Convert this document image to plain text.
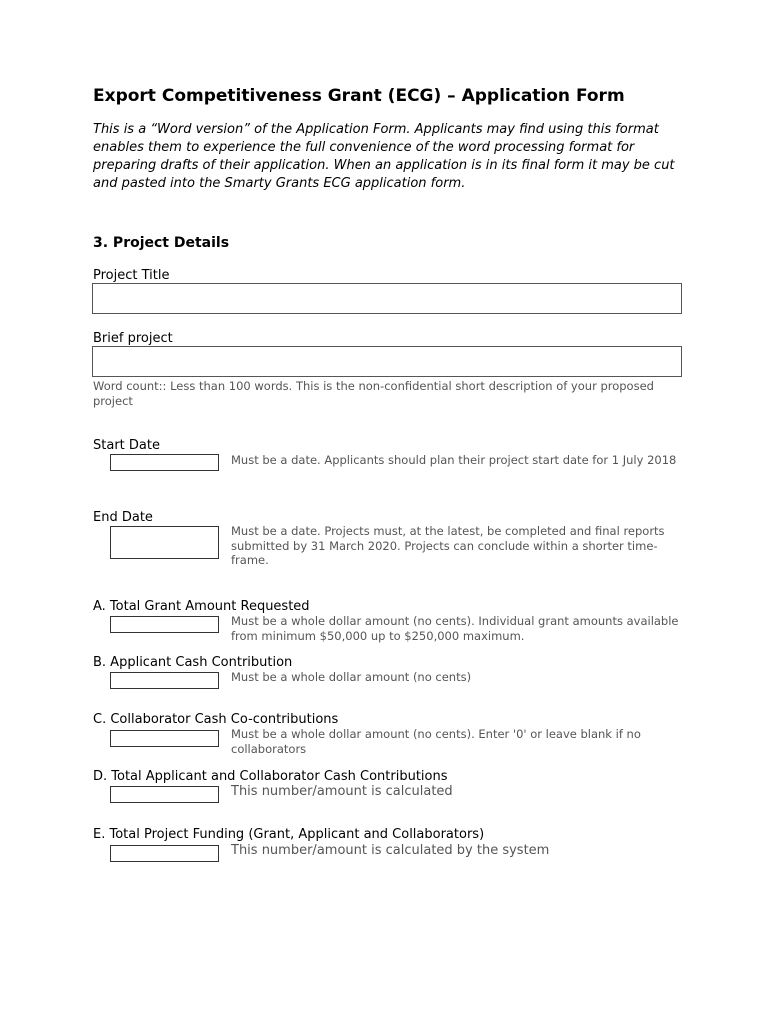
Export Competitiveness Grant (ECG) – Application Form

This is a “Word version” of the Application Form. Applicants may find using this format enables them to experience the full convenience of the word processing format for preparing drafts of their application. When an application is in its final form it may be cut and pasted into the Smarty Grants ECG application form.

3. Project Details
Project Title
Brief project
Word count:: Less than 100 words. This is the non-confidential short description of your proposed project
Start Date
Must be a date. Applicants should plan their project start date for 1 July 2018
End Date
Must be a date. Projects must, at the latest, be completed and final reports submitted by 31 March 2020. Projects can conclude within a shorter time-frame.
A. Total Grant Amount Requested
Must be a whole dollar amount (no cents). Individual grant amounts available from minimum $50,000 up to $250,000 maximum.
B. Applicant Cash Contribution
Must be a whole dollar amount (no cents)
C. Collaborator Cash Co-contributions
Must be a whole dollar amount (no cents). Enter '0' or leave blank if no collaborators
D. Total Applicant and Collaborator Cash Contributions
This number/amount is calculated
E. Total Project Funding (Grant, Applicant and Collaborators)
This number/amount is calculated by the system
